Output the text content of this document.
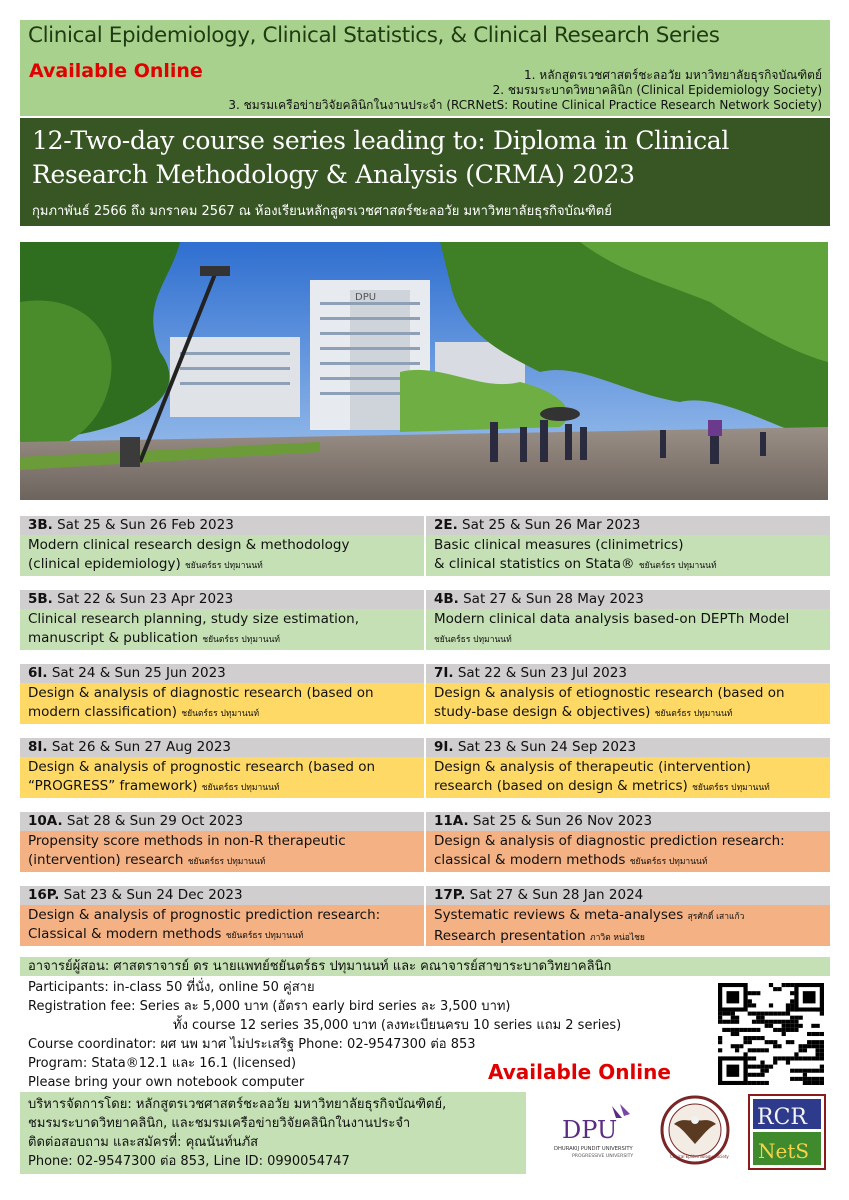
Clinical Epidemiology, Clinical Statistics, & Clinical Research Series
Available Online	1. หลักสูตรเวชศาสตร์ชะลอวัย มหาวิทยาลัยธุรกิจบัณฑิตย์
2. ชมรมระบาดวิทยาคลินิก (Clinical Epidemiology Society)
3. ชมรมเครือข่ายวิจัยคลินิกในงานประจำ (RCRNetS: Routine Clinical Practice Research Network Society)
12-Two-day course series leading to: Diploma in Clinical
Research Methodology & Analysis (CRMA) 2023
กุมภาพันธ์ 2566 ถึง มกราคม 2567 ณ ห้องเรียนหลักสูตรเวชศาสตร์ชะลอวัย มหาวิทยาลัยธุรกิจบัณฑิตย์
DPU
3B. Sat 25 & Sun 26 Feb 2023
Modern clinical research design & methodology
(clinical epidemiology) ชยันตร์ธร ปทุมานนท์
2E. Sat 25 & Sun 26 Mar 2023
Basic clinical measures (clinimetrics)
& clinical statistics on Stata® ชยันตร์ธร ปทุมานนท์
5B. Sat 22 & Sun 23 Apr 2023
Clinical research planning, study size estimation,
manuscript & publication ชยันตร์ธร ปทุมานนท์
4B. Sat 27 & Sun 28 May 2023
Modern clinical data analysis based-on DEPTh Model
ชยันตร์ธร ปทุมานนท์
6I. Sat 24 & Sun 25 Jun 2023
Design & analysis of diagnostic research (based on
modern classification) ชยันตร์ธร ปทุมานนท์
7I. Sat 22 & Sun 23 Jul 2023
Design & analysis of etiognostic research (based on
study-base design & objectives) ชยันตร์ธร ปทุมานนท์
8I. Sat 26 & Sun 27 Aug 2023
Design & analysis of prognostic research (based on
“PROGRESS” framework) ชยันตร์ธร ปทุมานนท์
9I. Sat 23 & Sun 24 Sep 2023
Design & analysis of therapeutic (intervention)
research (based on design & metrics) ชยันตร์ธร ปทุมานนท์
10A. Sat 28 & Sun 29 Oct 2023
Propensity score methods in non-R therapeutic
(intervention) research ชยันตร์ธร ปทุมานนท์
11A. Sat 25 & Sun 26 Nov 2023
Design & analysis of diagnostic prediction research:
classical & modern methods ชยันตร์ธร ปทุมานนท์
16P. Sat 23 & Sun 24 Dec 2023
Design & analysis of prognostic prediction research:
Classical & modern methods ชยันตร์ธร ปทุมานนท์
17P. Sat 27 & Sun 28 Jan 2024
Systematic reviews & meta-analyses สุรศักดิ์ เสาแก้ว
Research presentation ภาวิต หน่อไชย
อาจารย์ผู้สอน: ศาสตราจารย์ ดร นายแพทย์ชยันตร์ธร ปทุมานนท์ และ คณาจารย์สาขาระบาดวิทยาคลินิก
Participants: in-class 50 ที่นั่ง, online 50 คู่สาย
Registration fee: Series ละ 5,000 บาท (อัตรา early bird series ละ 3,500 บาท)
ทั้ง course 12 series 35,000 บาท (ลงทะเบียนครบ 10 series แถม 2 series)
Course coordinator: ผศ นพ มาศ ไม่ประเสริฐ Phone: 02-9547300 ต่อ 853
Program: Stata®12.1 และ 16.1 (licensed)
Please bring your own notebook computer	Available Online
บริหารจัดการโดย: หลักสูตรเวชศาสตร์ชะลอวัย มหาวิทยาลัยธุรกิจบัณฑิตย์,
ชมรมระบาดวิทยาคลินิก, และชมรมเครือข่ายวิจัยคลินิกในงานประจำ
ติดต่อสอบถาม และสมัครที่: คุณนันท์นภัส
Phone: 02-9547300 ต่อ 853, Line ID: 0990054747
DPU
DHURAKIJ PUNDIT UNIVERSITY
PROGRESSIVE UNIVERSITY	Clinical Epidemiology Society
RCR
NetS
